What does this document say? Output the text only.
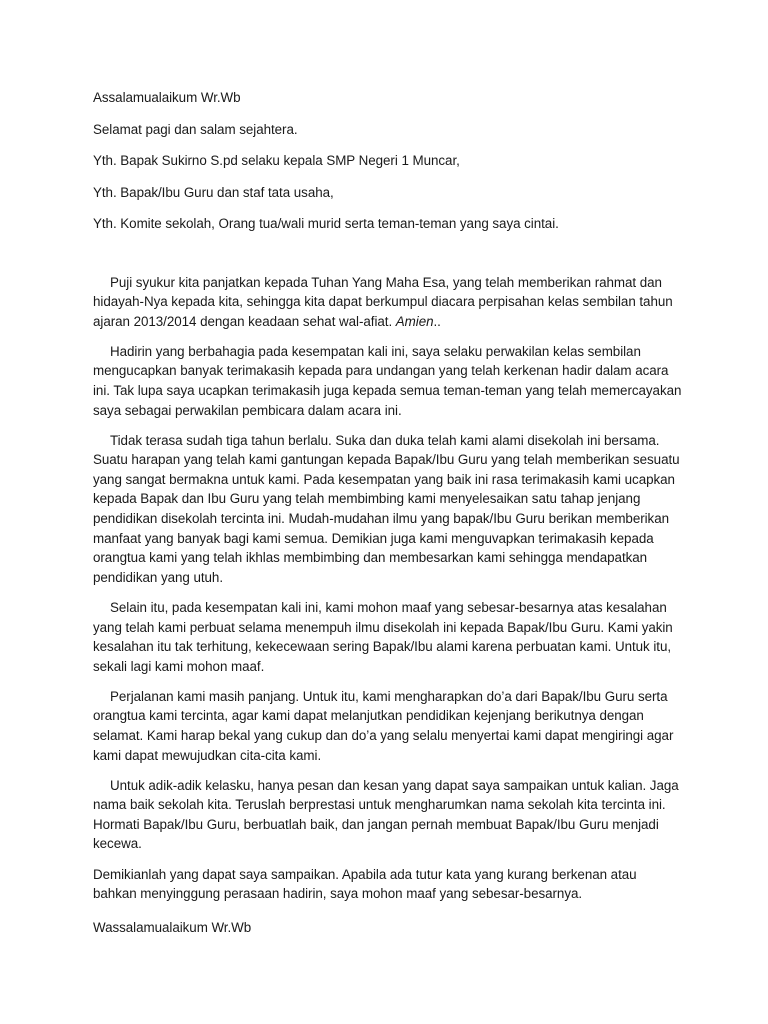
Assalamualaikum Wr.Wb

Selamat pagi dan salam sejahtera.

Yth. Bapak Sukirno S.pd selaku kepala SMP Negeri 1 Muncar,

Yth. Bapak/Ibu Guru dan staf tata usaha,

Yth. Komite sekolah, Orang tua/wali murid serta teman-teman yang saya cintai.

Puji syukur kita panjatkan kepada Tuhan Yang Maha Esa, yang telah memberikan rahmat dan hidayah-Nya kepada kita, sehingga kita dapat berkumpul diacara perpisahan kelas sembilan tahun ajaran 2013/2014 dengan keadaan sehat wal-afiat. Amien..

Hadirin yang berbahagia pada kesempatan kali ini, saya selaku perwakilan kelas sembilan mengucapkan banyak terimakasih kepada para undangan yang telah kerkenan hadir dalam acara ini. Tak lupa saya ucapkan terimakasih juga kepada semua teman-teman yang telah memercayakan saya sebagai perwakilan pembicara dalam acara ini.

Tidak terasa sudah tiga tahun berlalu. Suka dan duka telah kami alami disekolah ini bersama. Suatu harapan yang telah kami gantungan kepada Bapak/Ibu Guru yang telah memberikan sesuatu yang sangat bermakna untuk kami. Pada kesempatan yang baik ini rasa terimakasih kami ucapkan kepada Bapak dan Ibu Guru yang telah membimbing kami menyelesaikan satu tahap jenjang pendidikan disekolah tercinta ini. Mudah-mudahan ilmu yang bapak/Ibu Guru berikan memberikan manfaat yang banyak bagi kami semua. Demikian juga kami menguvapkan terimakasih kepada orangtua kami yang telah ikhlas membimbing dan membesarkan kami sehingga mendapatkan pendidikan yang utuh.

Selain itu, pada kesempatan kali ini, kami mohon maaf yang sebesar-besarnya atas kesalahan yang telah kami perbuat selama menempuh ilmu disekolah ini kepada Bapak/Ibu Guru. Kami yakin kesalahan itu tak terhitung, kekecewaan sering Bapak/Ibu alami karena perbuatan kami. Untuk itu, sekali lagi kami mohon maaf.

Perjalanan kami masih panjang. Untuk itu, kami mengharapkan do’a dari Bapak/Ibu Guru serta orangtua kami tercinta, agar kami dapat melanjutkan pendidikan kejenjang berikutnya dengan selamat. Kami harap bekal yang cukup dan do’a yang selalu menyertai kami dapat mengiringi agar kami dapat mewujudkan cita-cita kami.

Untuk adik-adik kelasku, hanya pesan dan kesan yang dapat saya sampaikan untuk kalian. Jaga nama baik sekolah kita. Teruslah berprestasi untuk mengharumkan nama sekolah kita tercinta ini. Hormati Bapak/Ibu Guru, berbuatlah baik, dan jangan pernah membuat Bapak/Ibu Guru menjadi kecewa.

Demikianlah yang dapat saya sampaikan. Apabila ada tutur kata yang kurang berkenan atau bahkan menyinggung perasaan hadirin, saya mohon maaf yang sebesar-besarnya.

Wassalamualaikum Wr.Wb
